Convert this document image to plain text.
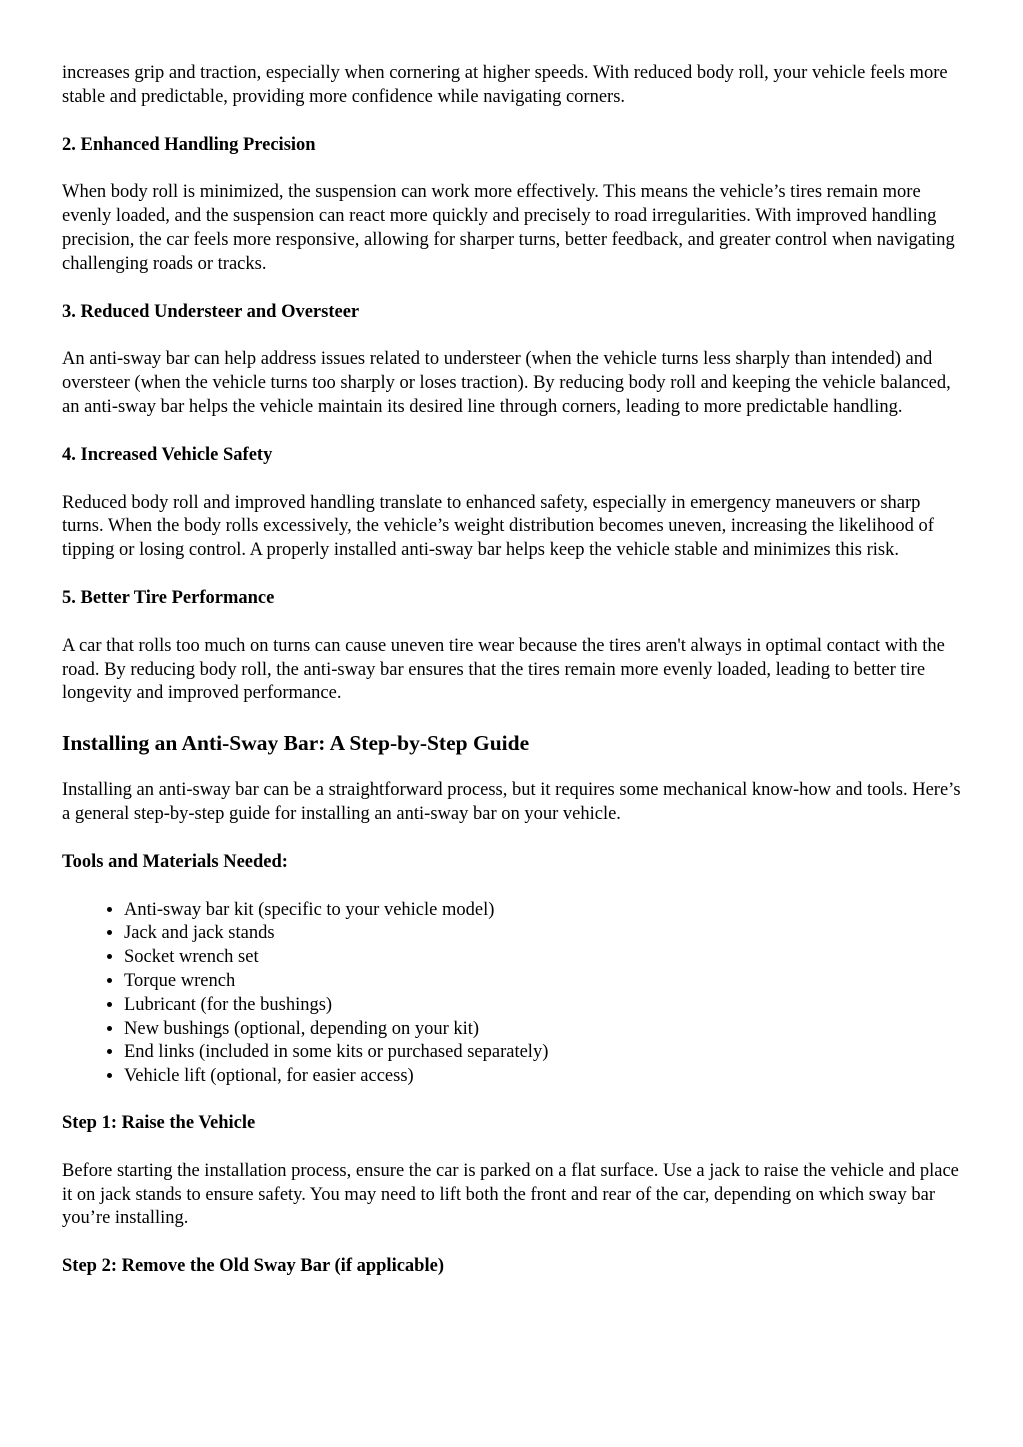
increases grip and traction, especially when cornering at higher speeds. With reduced body roll, your vehicle feels more stable and predictable, providing more confidence while navigating corners.

2. Enhanced Handling Precision

When body roll is minimized, the suspension can work more effectively. This means the vehicle’s tires remain more evenly loaded, and the suspension can react more quickly and precisely to road irregularities. With improved handling precision, the car feels more responsive, allowing for sharper turns, better feedback, and greater control when navigating challenging roads or tracks.

3. Reduced Understeer and Oversteer

An anti-sway bar can help address issues related to understeer (when the vehicle turns less sharply than intended) and oversteer (when the vehicle turns too sharply or loses traction). By reducing body roll and keeping the vehicle balanced, an anti-sway bar helps the vehicle maintain its desired line through corners, leading to more predictable handling.

4. Increased Vehicle Safety

Reduced body roll and improved handling translate to enhanced safety, especially in emergency maneuvers or sharp turns. When the body rolls excessively, the vehicle’s weight distribution becomes uneven, increasing the likelihood of tipping or losing control. A properly installed anti-sway bar helps keep the vehicle stable and minimizes this risk.

5. Better Tire Performance

A car that rolls too much on turns can cause uneven tire wear because the tires aren't always in optimal contact with the road. By reducing body roll, the anti-sway bar ensures that the tires remain more evenly loaded, leading to better tire longevity and improved performance.

Installing an Anti-Sway Bar: A Step-by-Step Guide

Installing an anti-sway bar can be a straightforward process, but it requires some mechanical know-how and tools. Here’s a general step-by-step guide for installing an anti-sway bar on your vehicle.

Tools and Materials Needed:

• Anti-sway bar kit (specific to your vehicle model)
• Jack and jack stands
• Socket wrench set
• Torque wrench
• Lubricant (for the bushings)
• New bushings (optional, depending on your kit)
• End links (included in some kits or purchased separately)
• Vehicle lift (optional, for easier access)

Step 1: Raise the Vehicle

Before starting the installation process, ensure the car is parked on a flat surface. Use a jack to raise the vehicle and place it on jack stands to ensure safety. You may need to lift both the front and rear of the car, depending on which sway bar you’re installing.

Step 2: Remove the Old Sway Bar (if applicable)
